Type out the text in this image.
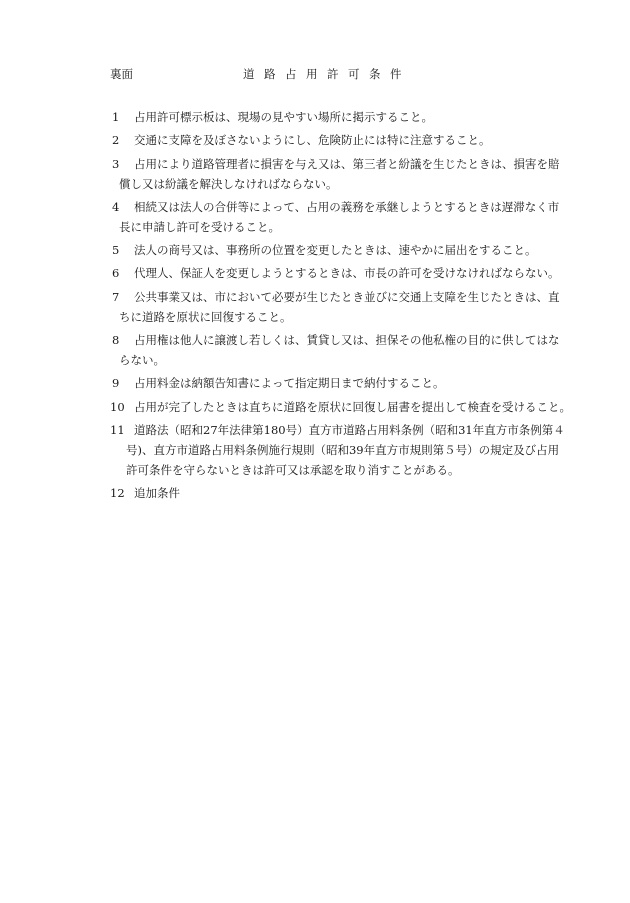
裏面	道路占用許可条件
1	占用許可標示板は、現場の見やすい場所に掲示すること。
2	交通に支障を及ぼさないようにし、危険防止には特に注意すること。
3	占用により道路管理者に損害を与え又は、第三者と紛議を生じたときは、損害を賠
償し又は紛議を解決しなければならない。
4	相続又は法人の合併等によって、占用の義務を承継しようとするときは遅滞なく市
長に申請し許可を受けること。
5	法人の商号又は、事務所の位置を変更したときは、速やかに届出をすること。
6	代理人、保証人を変更しようとするときは、市長の許可を受けなければならない。
7	公共事業又は、市において必要が生じたとき並びに交通上支障を生じたときは、直
ちに道路を原状に回復すること。
8	占用権は他人に譲渡し若しくは、賃貸し又は、担保その他私権の目的に供してはな
らない。
9	占用料金は納額告知書によって指定期日まで納付すること。
10 占用が完了したときは直ちに道路を原状に回復し届書を提出して検査を受けること。
11 道路法（昭和27年法律第180号）直方市道路占用料条例（昭和31年直方市条例第４
号)、直方市道路占用料条例施行規則（昭和39年直方市規則第５号）の規定及び占用
許可条件を守らないときは許可又は承認を取り消すことがある。
12 追加条件
